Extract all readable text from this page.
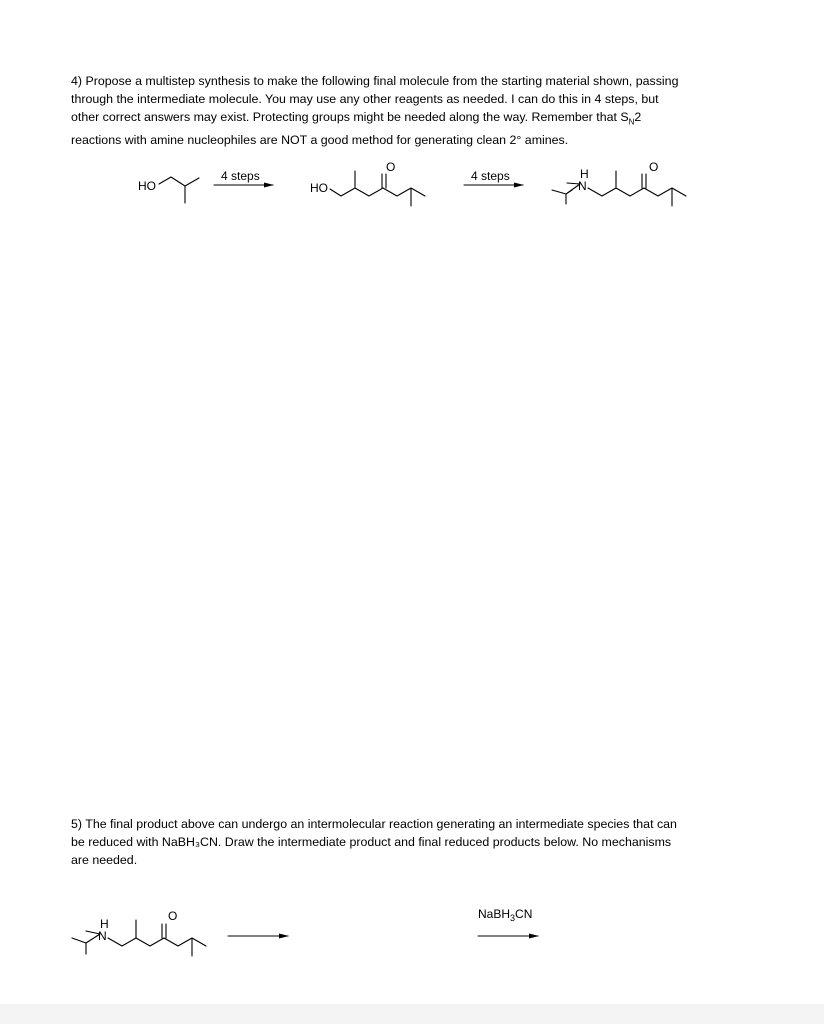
4) Propose a multistep synthesis to make the following final molecule from the starting material shown, passing
through the intermediate molecule. You may use any other reagents as needed. I can do this in 4 steps, but
other correct answers may exist. Protecting groups might be needed along the way. Remember that $S_N2$
reactions with amine nucleophiles are NOT a good method for generating clean 2° amines.

HO
4 steps
HO
O
4 steps	H
N
O
H
N
O	NaBH$_3$CN

5) The final product above can undergo an intermolecular reaction generating an intermediate species that can
be reduced with NaBH₃CN. Draw the intermediate product and final reduced products below. No mechanisms
are needed.
